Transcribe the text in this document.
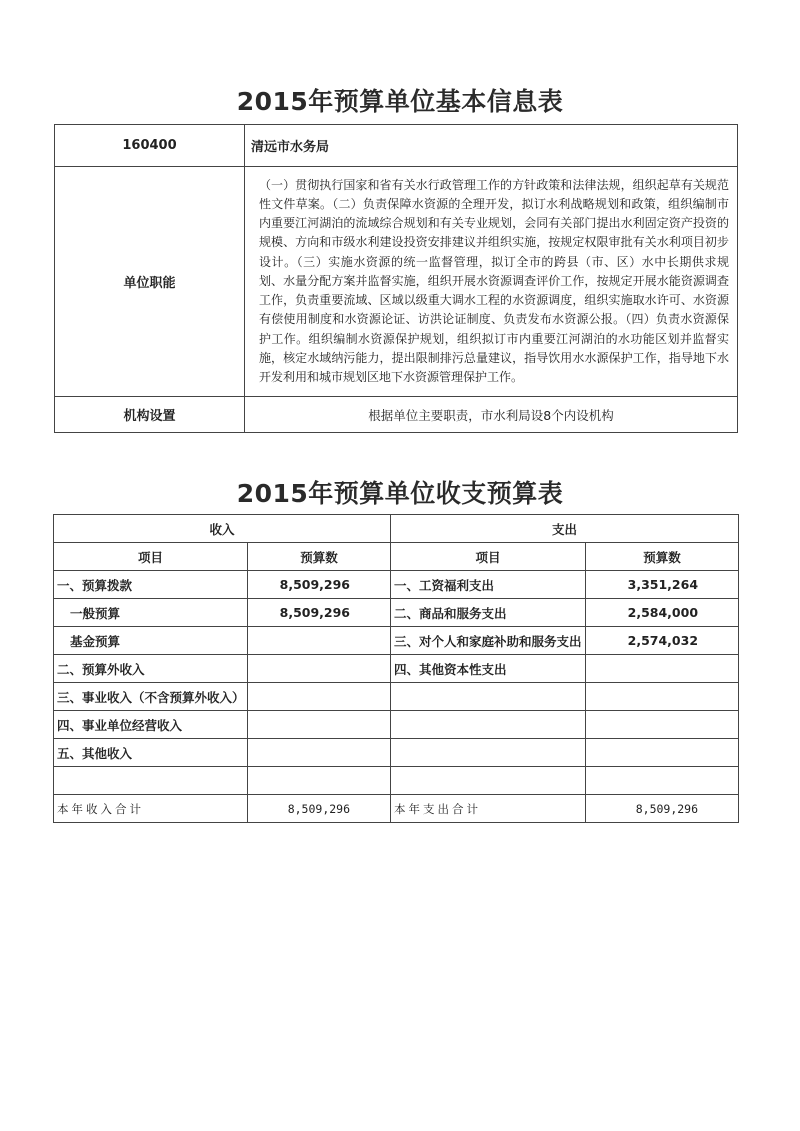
2015年预算单位基本信息表
160400	清远市水务局
单位职能	（一）贯彻执行国家和省有关水行政管理工作的方针政策和法律法规，组织起草有关规范性文件草案。（二）负责保障水资源的全理开发，拟订水利战略规划和政策，组织编制市内重要江河湖泊的流域综合规划和有关专业规划，会同有关部门提出水利固定资产投资的规模、方向和市级水利建设投资安排建议并组织实施，按规定权限审批有关水利项目初步设计。（三）实施水资源的统一监督管理，拟订全市的跨县（市、区）水中长期供求规划、水量分配方案并监督实施，组织开展水资源调查评价工作，按规定开展水能资源调查工作，负责重要流域、区域以级重大调水工程的水资源调度，组织实施取水许可、水资源有偿使用制度和水资源论证、访洪论证制度、负责发布水资源公报。（四）负责水资源保护工作。组织编制水资源保护规划，组织拟订市内重要江河湖泊的水功能区划并监督实施，核定水域纳污能力，提出限制排污总量建议，指导饮用水水源保护工作，指导地下水开发利用和城市规划区地下水资源管理保护工作。
机构设置	根据单位主要职责，市水利局设8个内设机构
2015年预算单位收支预算表
收入		支出	
项目	预算数	项目	预算数
一、预算拨款	8,509,296	一、工资福利支出	3,351,264
一般预算	8,509,296	二、商品和服务支出	2,584,000
基金预算		三、对个人和家庭补助和服务支出	2,574,032
二、预算外收入		四、其他资本性支出	
三、事业收入（不含预算外收入）			
四、事业单位经营收入			
五、其他收入			

本年收入合计	8,509,296	本年支出合计	8,509,296
